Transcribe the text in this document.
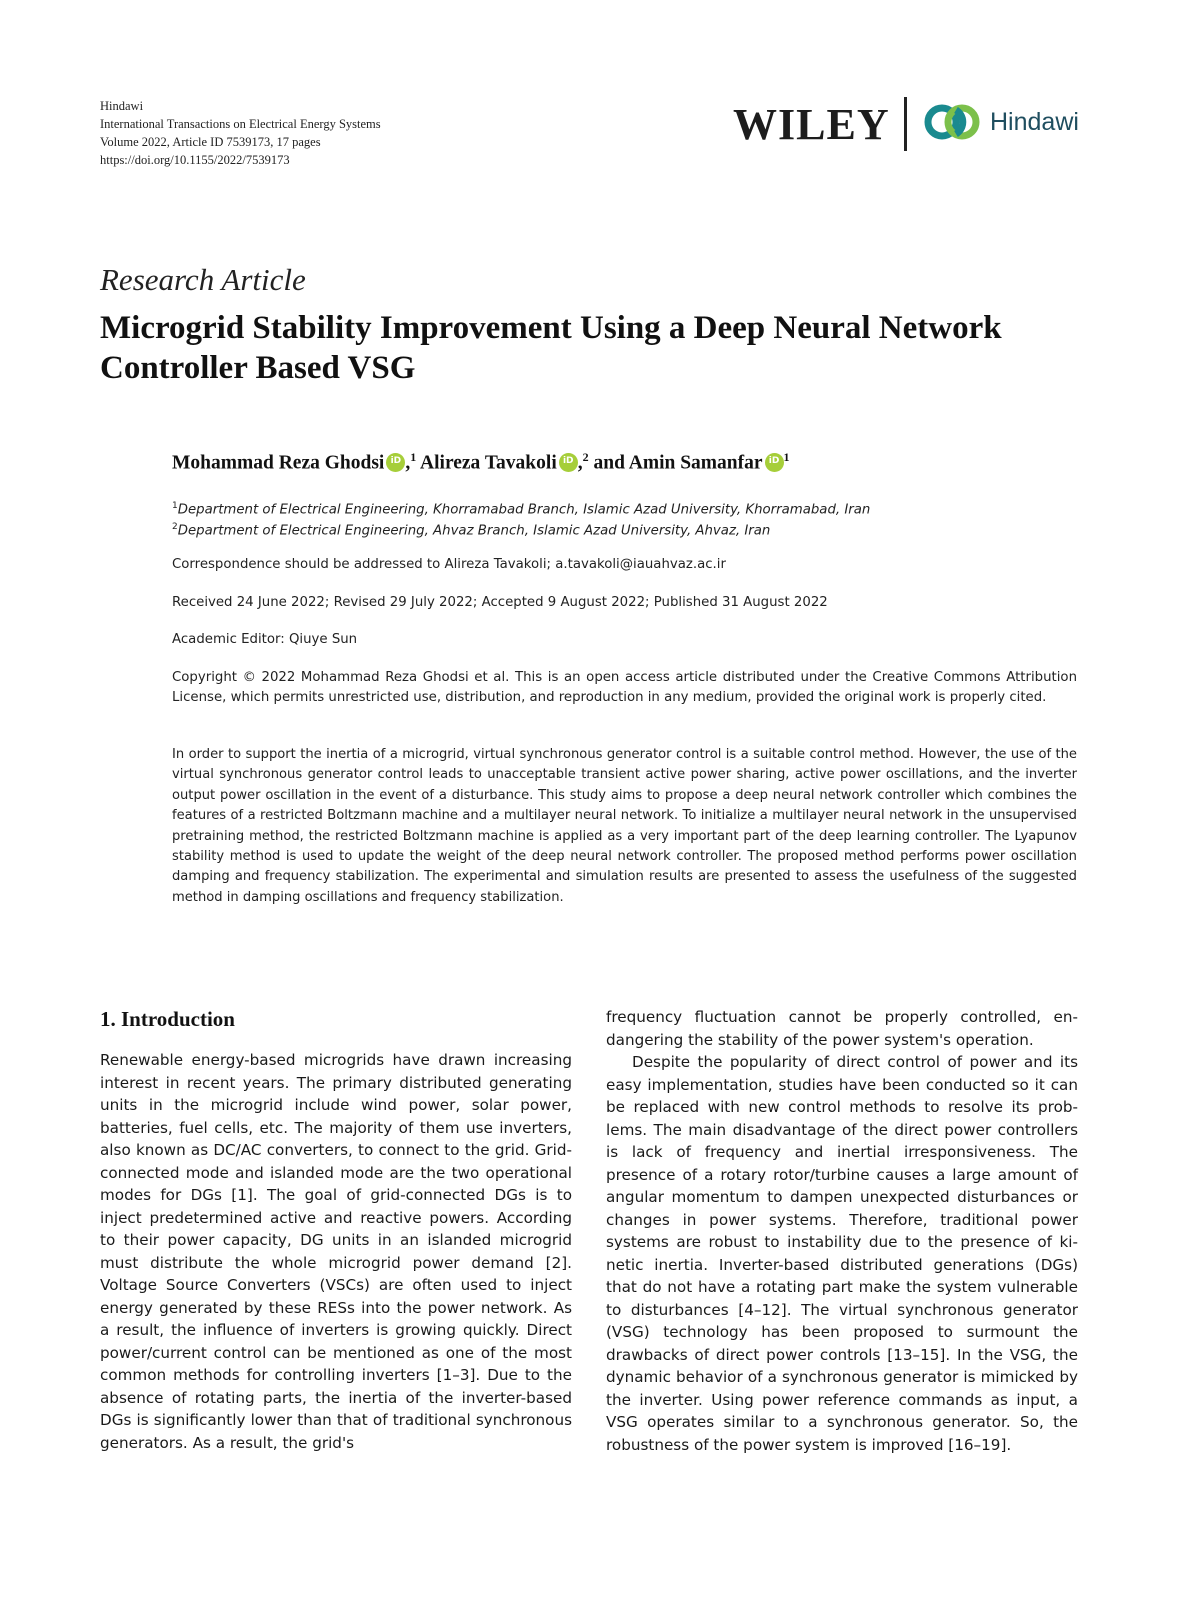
Hindawi
International Transactions on Electrical Energy Systems
Volume 2022, Article ID 7539173, 17 pages
https://doi.org/10.1155/2022/7539173
WILEY	Hindawi
Research Article
Microgrid Stability Improvement Using a Deep Neural Network Controller Based VSG
Mohammad Reza Ghodsi iD ,$^1$ Alireza Tavakoli iD ,$^2$ and Amin Samanfar iD $^1$
$^1$Department of Electrical Engineering, Khorramabad Branch, Islamic Azad University, Khorramabad, Iran
$^2$Department of Electrical Engineering, Ahvaz Branch, Islamic Azad University, Ahvaz, Iran
Correspondence should be addressed to Alireza Tavakoli; a.tavakoli@iauahvaz.ac.ir
Received 24 June 2022; Revised 29 July 2022; Accepted 9 August 2022; Published 31 August 2022
Academic Editor: Qiuye Sun
Copyright © 2022 Mohammad Reza Ghodsi et al. This is an open access article distributed under the Creative Commons Attribution License, which permits unrestricted use, distribution, and reproduction in any medium, provided the original work is properly cited.

In order to support the inertia of a microgrid, virtual synchronous generator control is a suitable control method. However, the use of the virtual synchronous generator control leads to unacceptable transient active power sharing, active power oscillations, and the inverter output power oscillation in the event of a disturbance. This study aims to propose a deep neural network controller which combines the features of a restricted Boltzmann machine and a multilayer neural network. To initialize a multilayer neural network in the unsupervised pretraining method, the restricted Boltzmann machine is applied as a very important part of the deep learning controller. The Lyapunov stability method is used to update the weight of the deep neural network controller. The proposed method performs power oscillation damping and frequency stabilization. The experimental and simulation results are presented to assess the usefulness of the suggested method in damping oscillations and frequency stabilization.

1. Introduction

Renewable energy-based microgrids have drawn increasing interest in recent years. The primary distributed generating units in the microgrid include wind power, solar power, batteries, fuel cells, etc. The majority of them use inverters, also known as DC/AC converters, to connect to the grid. Grid-connected mode and islanded mode are the two operational modes for DGs [1]. The goal of grid-connected DGs is to inject predetermined active and reactive powers. According to their power capacity, DG units in an islanded microgrid must distribute the whole microgrid power demand [2]. Voltage Source Converters (VSCs) are often used to inject energy generated by these RESs into the power network. As a result, the influence of inverters is growing quickly. Direct power/current control can be mentioned as one of the most common methods for controlling inverters [1–3]. Due to the absence of rotating parts, the inertia of the inverter-based DGs is significantly lower than that of traditional synchronous generators. As a result, the grid's

frequency fluctuation cannot be properly controlled, endangering the stability of the power system's operation.

Despite the popularity of direct control of power and its easy implementation, studies have been conducted so it can be replaced with new control methods to resolve its problems. The main disadvantage of the direct power controllers is lack of frequency and inertial irresponsiveness. The presence of a rotary rotor/turbine causes a large amount of angular momentum to dampen unexpected disturbances or changes in power systems. Therefore, traditional power systems are robust to instability due to the presence of kinetic inertia. Inverter-based distributed generations (DGs) that do not have a rotating part make the system vulnerable to disturbances [4–12]. The virtual synchronous generator (VSG) technology has been proposed to surmount the drawbacks of direct power controls [13–15]. In the VSG, the dynamic behavior of a synchronous generator is mimicked by the inverter. Using power reference commands as input, a VSG operates similar to a synchronous generator. So, the robustness of the power system is improved [16–19].
